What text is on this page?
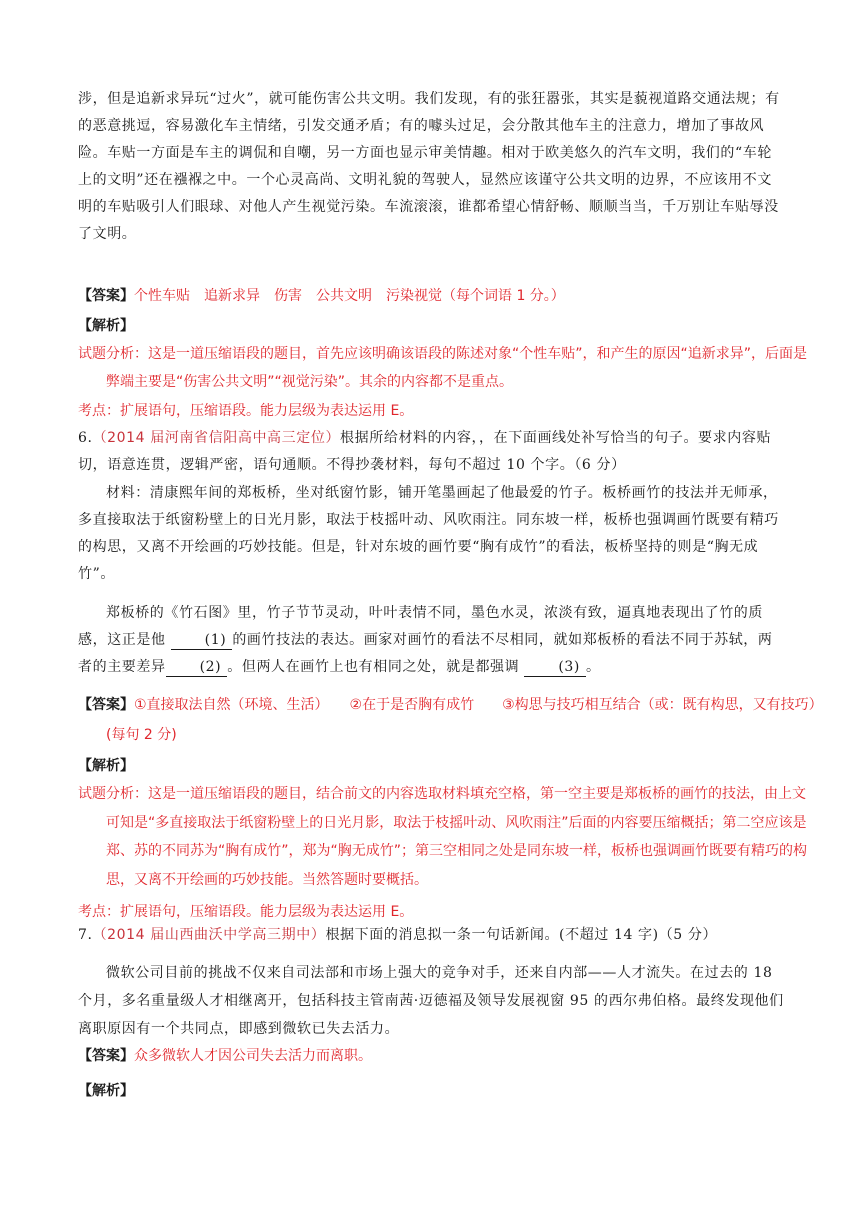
涉，但是追新求异玩“过火”，就可能伤害公共文明。我们发现，有的张狂嚣张，其实是藐视道路交通法规；有的恶意挑逗，容易激化车主情绪，引发交通矛盾；有的噱头过足，会分散其他车主的注意力，增加了事故风险。车贴一方面是车主的调侃和自嘲，另一方面也显示审美情趣。相对于欧美悠久的汽车文明，我们的“车轮上的文明”还在襁褓之中。一个心灵高尚、文明礼貌的驾驶人，显然应该谨守公共文明的边界，不应该用不文明的车贴吸引人们眼球、对他人产生视觉污染。车流滚滚，谁都希望心情舒畅、顺顺当当，千万别让车贴辱没了文明。

【答案】个性车贴　追新求异　伤害　公共文明　污染视觉（每个词语 1 分。）

【解析】

试题分析：这是一道压缩语段的题目，首先应该明确该语段的陈述对象“个性车贴”，和产生的原因“追新求异”，后面是弊端主要是“伤害公共文明”“视觉污染”。其余的内容都不是重点。

考点：扩展语句，压缩语段。能力层级为表达运用 E。

6.（2014 届河南省信阳高中高三定位）根据所给材料的内容，，在下面画线处补写恰当的句子。要求内容贴切，语意连贯，逻辑严密，语句通顺。不得抄袭材料，每句不超过 10 个字。（6 分）

材料：清康熙年间的郑板桥，坐对纸窗竹影，铺开笔墨画起了他最爱的竹子。板桥画竹的技法并无师承，多直接取法于纸窗粉壁上的日光月影，取法于枝摇叶动、风吹雨注。同东坡一样，板桥也强调画竹既要有精巧的构思，又离不开绘画的巧妙技能。但是，针对东坡的画竹要“胸有成竹”的看法，板桥坚持的则是“胸无成竹”。

郑板桥的《竹石图》里，竹子节节灵动，叶叶表情不同，墨色水灵，浓淡有致，逼真地表现出了竹的质感，这正是他	(1) 的画竹技法的表达。画家对画竹的看法不尽相同，就如郑板桥的看法不同于苏轼，两者的主要差异 (2) 。但两人在画竹上也有相同之处，就是都强调	(3) 。

【答案】①直接取法自然（环境、生活）　　②在于是否胸有成竹　　③构思与技巧相互结合（或：既有构思，又有技巧）(每句 2 分)

【解析】

试题分析：这是一道压缩语段的题目，结合前文的内容选取材料填充空格，第一空主要是郑板桥的画竹的技法，由上文可知是“多直接取法于纸窗粉壁上的日光月影，取法于枝摇叶动、风吹雨注”后面的内容要压缩概括；第二空应该是郑、苏的不同苏为“胸有成竹”，郑为“胸无成竹”；第三空相同之处是同东坡一样，板桥也强调画竹既要有精巧的构思，又离不开绘画的巧妙技能。当然答题时要概括。

考点：扩展语句，压缩语段。能力层级为表达运用 E。

7.（2014 届山西曲沃中学高三期中）根据下面的消息拟一条一句话新闻。(不超过 14 字)（5 分）

微软公司目前的挑战不仅来自司法部和市场上强大的竞争对手，还来自内部——人才流失。在过去的 18 个月，多名重量级人才相继离开，包括科技主管南茜·迈德福及领导发展视窗 95 的西尔弗伯格。最终发现他们离职原因有一个共同点，即感到微软已失去活力。

【答案】众多微软人才因公司失去活力而离职。

【解析】
